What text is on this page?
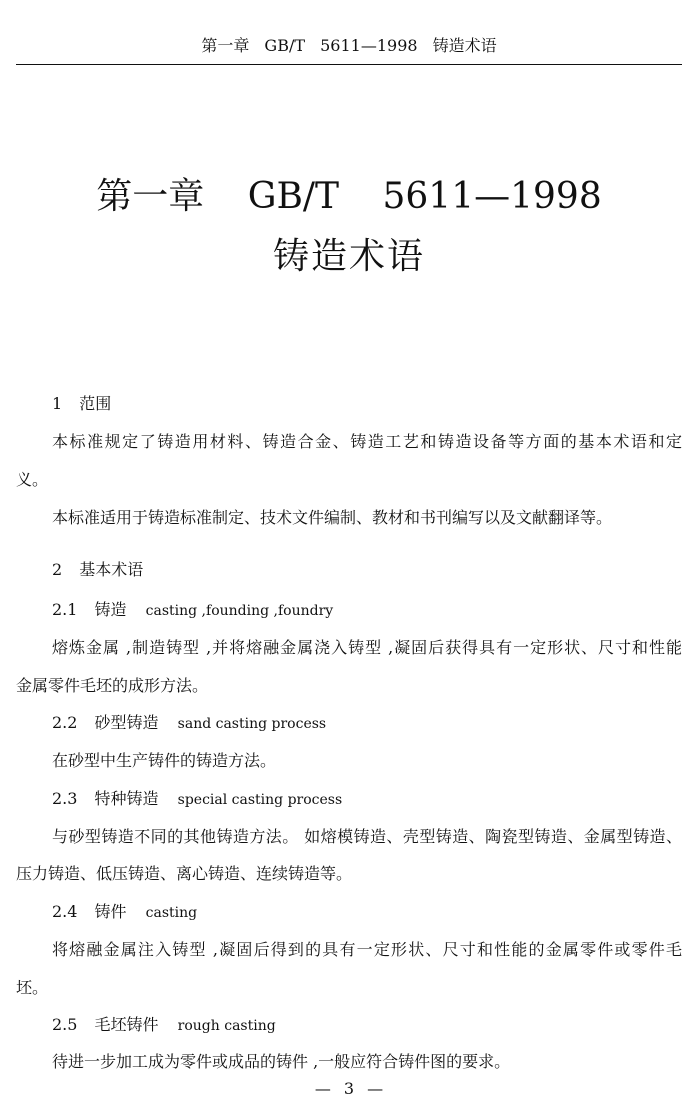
第一章 GB/T 5611—1998 铸造术语
第一章 GB/T 5611—1998
铸造术语
1 范围
本标准规定了铸造用材料、铸造合金、铸造工艺和铸造设备等方面的基本术语和定
义。
本标准适用于铸造标准制定、技术文件编制、教材和书刊编写以及文献翻译等。
2 基本术语
2.1 铸造 casting ,founding ,foundry
熔炼金属 ,制造铸型 ,并将熔融金属浇入铸型 ,凝固后获得具有一定形状、尺寸和性能
金属零件毛坯的成形方法。
2.2 砂型铸造 sand casting process
在砂型中生产铸件的铸造方法。
2.3 特种铸造 special casting process
与砂型铸造不同的其他铸造方法。 如熔模铸造、壳型铸造、陶瓷型铸造、金属型铸造、
压力铸造、低压铸造、离心铸造、连续铸造等。
2.4 铸件 casting
将熔融金属注入铸型 ,凝固后得到的具有一定形状、尺寸和性能的金属零件或零件毛
坯。
2.5 毛坯铸件 rough casting
待进一步加工成为零件或成品的铸件 ,一般应符合铸件图的要求。
— 3 —
